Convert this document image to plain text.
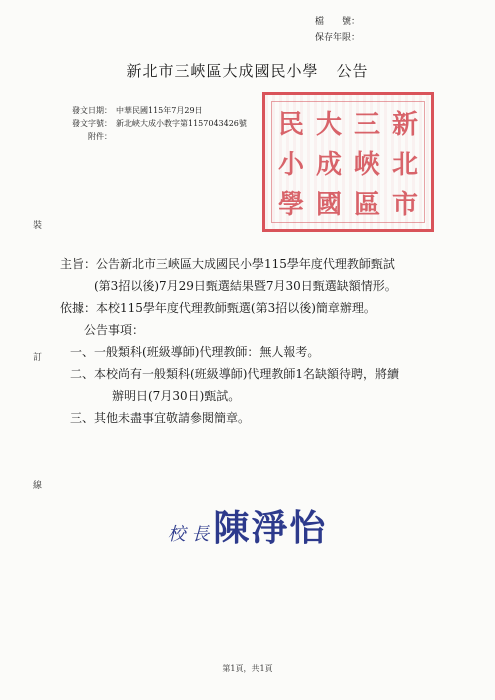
檔　　號：
保存年限：
新北市三峽區大成國民小學 公告
發文日期： 中華民國115年7月29日
發文字號： 新北峽大成小教字第1157043426號
附件：	新
三
大
民
北
峽
成
小
市
區
國
學
裝
訂
線
主旨：公告新北市三峽區大成國民小學115學年度代理教師甄試
(第3招以後)7月29日甄選結果暨7月30日甄選缺額情形。
依據：本校115學年度代理教師甄選(第3招以後)簡章辦理。
公告事項：
一、一般類科(班級導師)代理教師：無人報考。
二、本校尚有一般類科(班級導師)代理教師1名缺額待聘，將續
辦明日(7月30日)甄試。
三、其他未盡事宜敬請參閱簡章。
校 長 陳淨怡
第1頁，共1頁
